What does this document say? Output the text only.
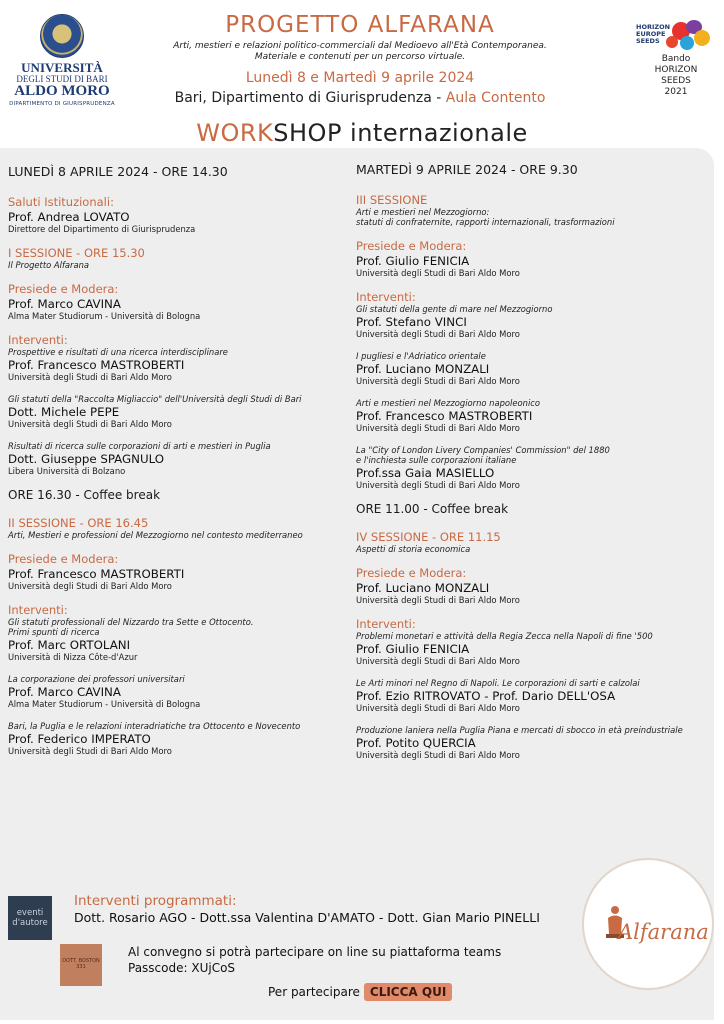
UNIVERSITÀ
DEGLI STUDI DI BARI
ALDO MORO
DIPARTIMENTO DI GIURISPRUDENZA
PROGETTO ALFARANA
Arti, mestieri e relazioni politico-commerciali dal Medioevo all'Età Contemporanea.
Materiale e contenuti per un percorso virtuale.
Lunedì 8 e Martedì 9 aprile 2024
Bari, Dipartimento di Giurisprudenza - Aula Contento
HORIZON
EUROPE
SEEDS
Bando
HORIZON
SEEDS
2021
WORKSHOP internazionale
LUNEDÌ 8 APRILE 2024 - ORE 14.30
Saluti Istituzionali:
Prof. Andrea LOVATO
Direttore del Dipartimento di Giurisprudenza
I SESSIONE - ORE 15.30
Il Progetto Alfarana
Presiede e Modera:
Prof. Marco CAVINA
Alma Mater Studiorum - Università di Bologna
Interventi:
Prospettive e risultati di una ricerca interdisciplinare
Prof. Francesco MASTROBERTI
Università degli Studi di Bari Aldo Moro
Gli statuti della "Raccolta Migliaccio" dell'Università degli Studi di Bari
Dott. Michele PEPE
Università degli Studi di Bari Aldo Moro
Risultati di ricerca sulle corporazioni di arti e mestieri in Puglia
Dott. Giuseppe SPAGNULO
Libera Università di Bolzano
ORE 16.30 - Coffee break
II SESSIONE - ORE 16.45
Arti, Mestieri e professioni del Mezzogiorno nel contesto mediterraneo
Presiede e Modera:
Prof. Francesco MASTROBERTI
Università degli Studi di Bari Aldo Moro
Interventi:
Gli statuti professionali del Nizzardo tra Sette e Ottocento.
Primi spunti di ricerca
Prof. Marc ORTOLANI
Università di Nizza Côte-d'Azur
La corporazione dei professori universitari
Prof. Marco CAVINA
Alma Mater Studiorum - Università di Bologna
Bari, la Puglia e le relazioni interadriatiche tra Ottocento e Novecento
Prof. Federico IMPERATO
Università degli Studi di Bari Aldo Moro
MARTEDÌ 9 APRILE 2024 - ORE 9.30
III SESSIONE
Arti e mestieri nel Mezzogiorno:
statuti di confraternite, rapporti internazionali, trasformazioni
Presiede e Modera:
Prof. Giulio FENICIA
Università degli Studi di Bari Aldo Moro
Interventi:
Gli statuti della gente di mare nel Mezzogiorno
Prof. Stefano VINCI
Università degli Studi di Bari Aldo Moro
I pugliesi e l'Adriatico orientale
Prof. Luciano MONZALI
Università degli Studi di Bari Aldo Moro
Arti e mestieri nel Mezzogiorno napoleonico
Prof. Francesco MASTROBERTI
Università degli Studi di Bari Aldo Moro
La "City of London Livery Companies' Commission" del 1880
e l'inchiesta sulle corporazioni italiane
Prof.ssa Gaia MASIELLO
Università degli Studi di Bari Aldo Moro
ORE 11.00 - Coffee break
IV SESSIONE - ORE 11.15
Aspetti di storia economica
Presiede e Modera:
Prof. Luciano MONZALI
Università degli Studi di Bari Aldo Moro
Interventi:
Problemi monetari e attività della Regia Zecca nella Napoli di fine '500
Prof. Giulio FENICIA
Università degli Studi di Bari Aldo Moro
Le Arti minori nel Regno di Napoli. Le corporazioni di sarti e calzolai
Prof. Ezio RITROVATO - Prof. Dario DELL'OSA
Università degli Studi di Bari Aldo Moro
Produzione laniera nella Puglia Piana e mercati di sbocco in età preindustriale
Prof. Potito QUERCIA
Università degli Studi di Bari Aldo Moro
eventi d'autore
Interventi programmati:
Dott. Rosario AGO - Dott.ssa Valentina D'AMATO - Dott. Gian Mario PINELLI
DOTT. BOSTON 331
Al convegno si potrà partecipare on line su piattaforma teams
Passcode: XUjCoS
Per partecipare CLICCA QUI
Alfarana
